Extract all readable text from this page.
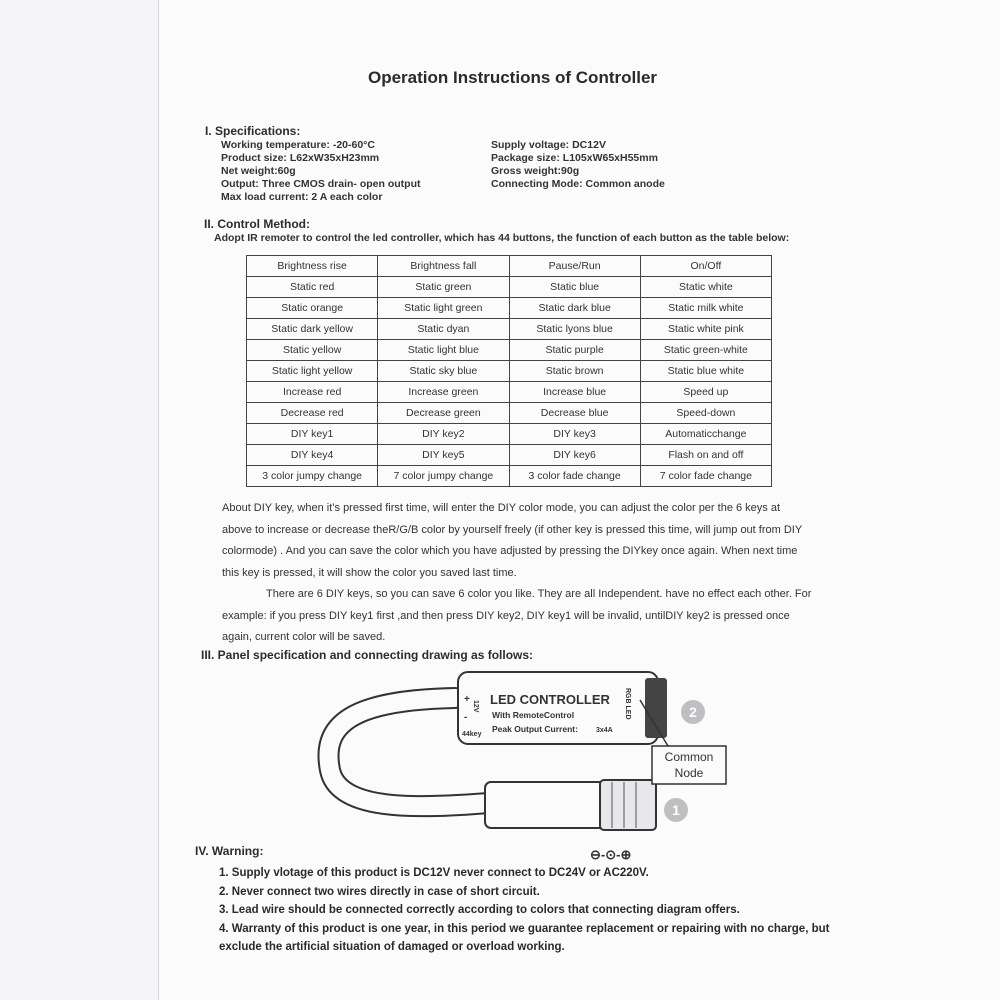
Operation Instructions of Controller
I. Specifications:
Working temperature: -20-60°C
Product size: L62xW35xH23mm
Net weight:60g
Output: Three CMOS drain- open output
Max load current: 2 A each color
Supply voltage: DC12V
Package size: L105xW65xH55mm
Gross weight:90g
Connecting Mode: Common anode
II. Control Method:
Adopt IR remoter to control the led controller, which has 44 buttons, the function of each button as the table below:
Brightness rise	Brightness fall	Pause/Run	On/Off
Static red	Static green	Static blue	Static white
Static orange	Static light green	Static dark blue	Static milk white
Static dark yellow	Static dyan	Static lyons blue	Static white pink
Static yellow	Static light blue	Static purple	Static green-white
Static light yellow	Static sky blue	Static brown	Static blue white
Increase red	Increase green	Increase blue	Speed up
Decrease red	Decrease green	Decrease blue	Speed-down
DIY key1	DIY key2	DIY key3	Automaticchange
DIY key4	DIY key5	DIY key6	Flash on and off
3 color jumpy change	7 color jumpy change	3 color fade change	7 color fade change
About DIY key, when it’s pressed first time, will enter the DIY color mode, you can adjust the color per the 6 keys at
above to increase or decrease theR/G/B color by yourself freely (if other key is pressed this time, will jump out from DIY
colormode) . And you can save the color which you have adjusted by pressing the DIYkey once again. When next time
this key is pressed, it will show the color you saved last time.
There are 6 DIY keys, so you can save 6 color you like. They are all Independent. have no effect each other. For
example: if you press DIY key1 first ,and then press DIY key2, DIY key1 will be invalid, untilDIY key2 is pressed once
again, current color will be saved.
III. Panel specification and connecting drawing as follows:
+
-
12V
44key
LED CONTROLLER
With RemoteControl
Peak Output Current:	3x4A
RGB LED	2
Common
Node
1
⊖-⊙-⊕
IV. Warning:
1. Supply vlotage of this product is DC12V never connect to DC24V or AC220V.
2. Never connect two wires directly in case of short circuit.
3. Lead wire should be connected correctly according to colors that connecting diagram offers.
4. Warranty of this product is one year, in this period we guarantee replacement or repairing with no charge, but
exclude the artificial situation of damaged or overload working.
